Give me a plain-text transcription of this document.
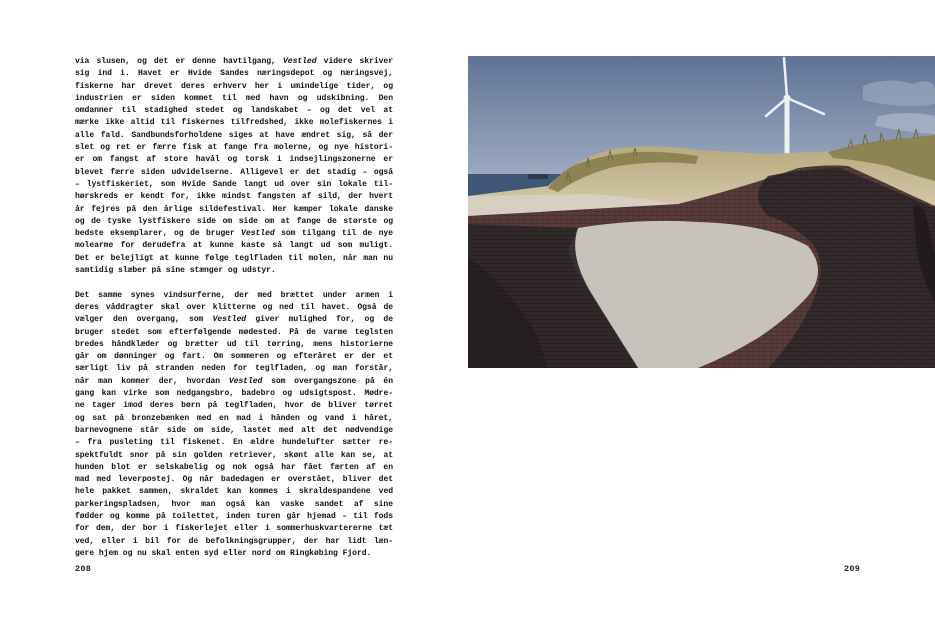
via slusen, og det er denne havtilgang, Vestled videre skriver
sig ind i. Havet er Hvide Sandes næringsdepot og næringsvej,
fiskerne har drevet deres erhverv her i umindelige tider, og
industrien er siden kommet til med havn og udskibning. Den
omdanner til stadighed stedet og landskabet – og det vel at
mærke ikke altid til fiskernes tilfredshed, ikke molefiskernes i
alle fald. Sandbundsforholdene siges at have ændret sig, så der
slet og ret er færre fisk at fange fra molerne, og nye histori-
er om fangst af store havål og torsk i indsejlingszonerne er
blevet færre siden udvidelserne. Alligevel er det stadig – også
– lystfiskeriet, som Hvide Sande langt ud over sin lokale til-
hørskreds er kendt for, ikke mindst fangsten af sild, der hvert
år fejres på den årlige sildefestival. Her kæmper lokale danske
og de tyske lystfiskere side om side om at fange de største og
bedste eksemplarer, og de bruger Vestled som tilgang til de nye
molearme for derudefra at kunne kaste så langt ud som muligt.
Det er belejligt at kunne følge teglfladen til molen, når man nu
samtidig slæber på sine stænger og udstyr.

Det samme synes vindsurferne, der med brættet under armen i
deres våddragter skal over klitterne og ned til havet. Også de
vælger den overgang, som Vestled giver mulighed for, og de
bruger stedet som efterfølgende mødested. På de varme teglsten
bredes håndklæder og brætter ud til tørring, mens historierne
går om dønninger og fart. Om sommeren og efteråret er der et
særligt liv på stranden neden for teglfladen, og man forstår,
når man kommer der, hvordan Vestled som overgangszone på én
gang kan virke som nedgangsbro, badebro og udsigtspost. Mødre-
ne tager imod deres børn på teglfladen, hvor de bliver tørret
og sat på bronzebænken med en mad i hånden og vand i håret,
barnevognene står side om side, lastet med alt det nødvendige
– fra pusleting til fiskenet. En ældre hundelufter sætter re-
spektfuldt snor på sin golden retriever, skønt alle kan se, at
hunden blot er selskabelig og nok også har fået færten af en
mad med leverpostej. Og når badedagen er overstået, bliver det
hele pakket sammen, skraldet kan kommes i skraldespandene ved
parkeringspladsen, hvor man også kan vaske sandet af sine
fødder og komme på toilettet, inden turen går hjemad – til fods
for dem, der bor i fiskerlejet eller i sommerhuskvartererne tæt
ved, eller i bil for de befolkningsgrupper, der har lidt læn-
gere hjem og nu skal enten syd eller nord om Ringkøbing Fjord.

208	209
